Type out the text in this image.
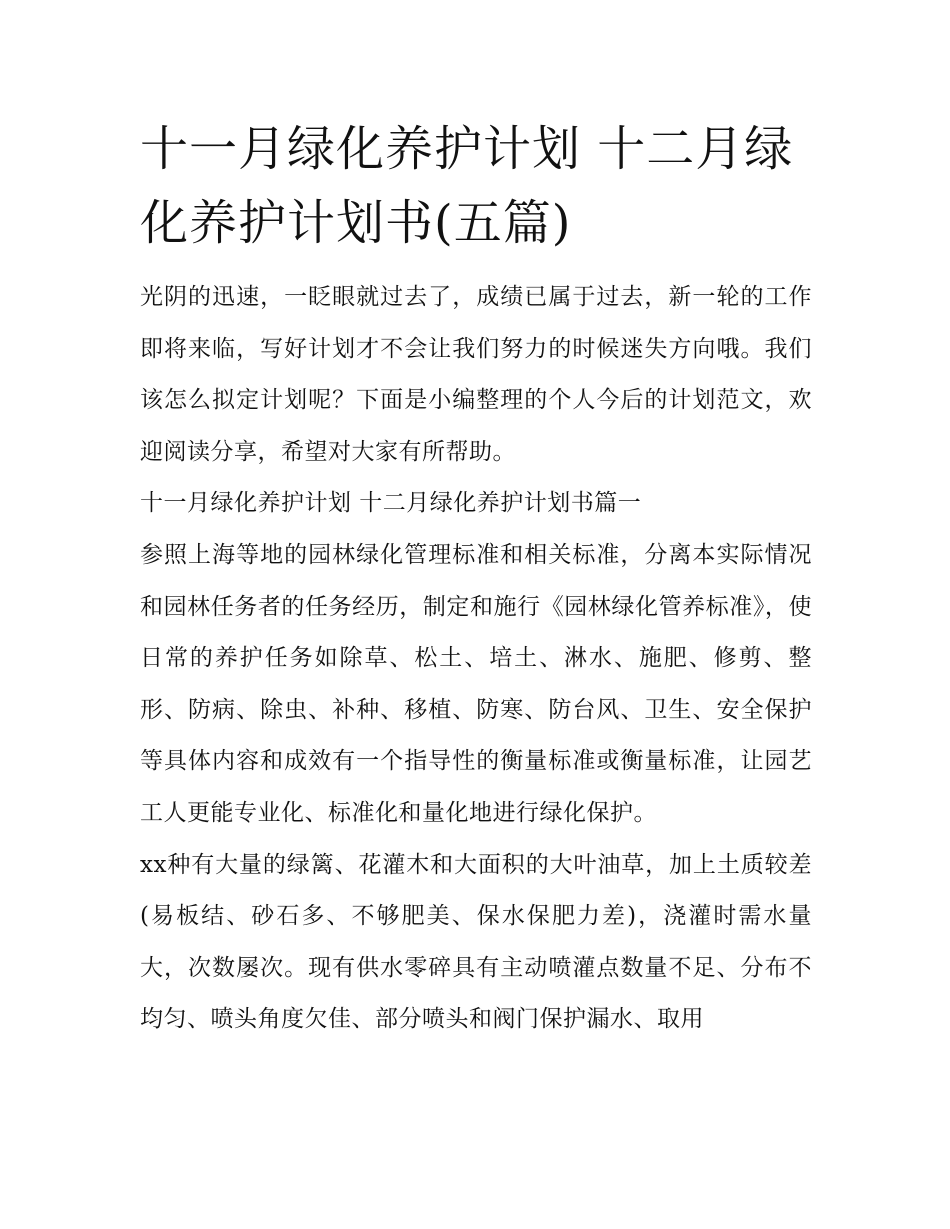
十一月绿化养护计划 十二月绿化养护计划书(五篇)

光阴的迅速，一眨眼就过去了，成绩已属于过去，新一轮的工作即将来临，写好计划才不会让我们努力的时候迷失方向哦。我们该怎么拟定计划呢？下面是小编整理的个人今后的计划范文，欢迎阅读分享，希望对大家有所帮助。

十一月绿化养护计划 十二月绿化养护计划书篇一

参照上海等地的园林绿化管理标准和相关标准，分离本实际情况和园林任务者的任务经历，制定和施行《园林绿化管养标准》，使日常的养护任务如除草、松土、培土、淋水、施肥、修剪、整形、防病、除虫、补种、移植、防寒、防台风、卫生、安全保护等具体内容和成效有一个指导性的衡量标准或衡量标准，让园艺工人更能专业化、标准化和量化地进行绿化保护。

xx种有大量的绿篱、花灌木和大面积的大叶油草，加上土质较差(易板结、砂石多、不够肥美、保水保肥力差)，浇灌时需水量大，次数屡次。现有供水零碎具有主动喷灌点数量不足、分布不均匀、喷头角度欠佳、部分喷头和阀门保护漏水、取用
